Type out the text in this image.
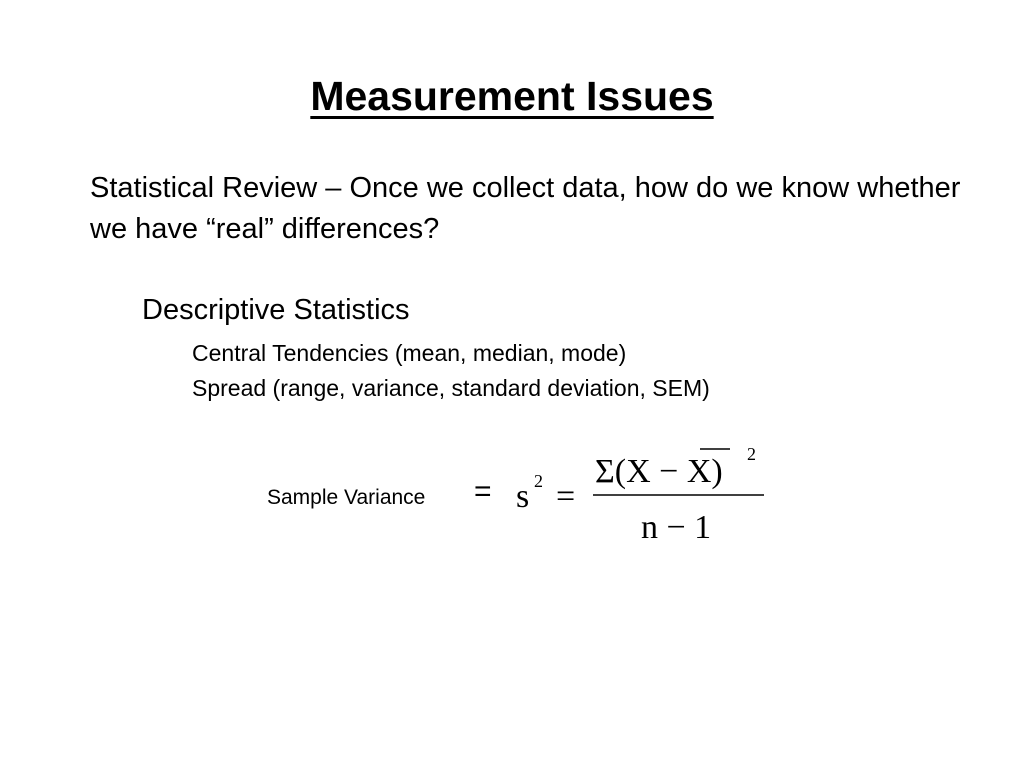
Measurement Issues
Statistical Review – Once we collect data, how do we know whether we have “real” differences?
Descriptive Statistics
Central Tendencies (mean, median, mode)
Spread (range, variance, standard deviation, SEM)
Sample Variance = s 2 =
Σ(X − X) 2
n − 1
